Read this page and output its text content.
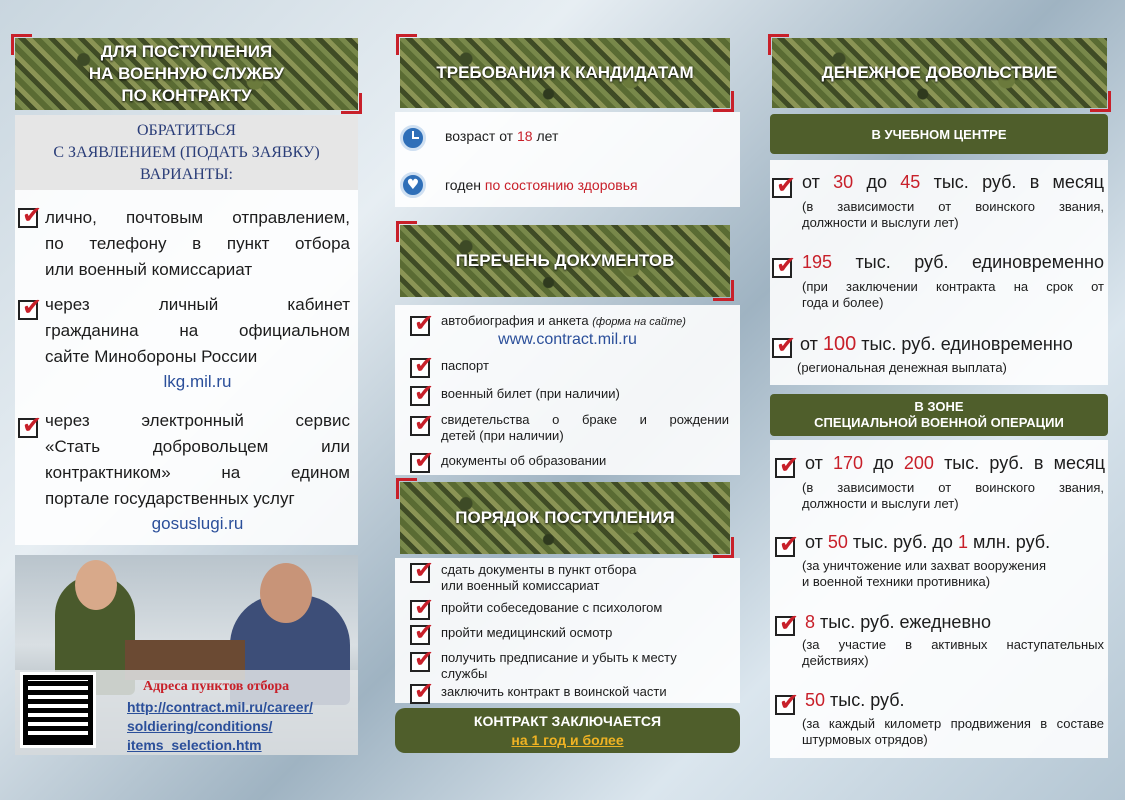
ДЛЯ ПОСТУПЛЕНИЯ
НА ВОЕННУЮ СЛУЖБУ
ПО КОНТРАКТУ
ОБРАТИТЬСЯ
С ЗАЯВЛЕНИЕМ (ПОДАТЬ ЗАЯВКУ)
ВАРИАНТЫ:
✔
лично, почтовым отправлением,
по телефону в пункт отбора
или военный комиссариат
✔
через личный кабинет
гражданина на официальном
сайте Минобороны России
lkg.mil.ru
✔
через электронный сервис
«Стать добровольцем или
контрактником» на едином
портале государственных услуг
gosuslugi.ru
Адреса пунктов отбора
http://contract.mil.ru/career/
soldiering/conditions/
items_selection.htm
ТРЕБОВАНИЯ К КАНДИДАТАМ
возраст от 18 лет
♥	годен по состоянию здоровья
ПЕРЕЧЕНЬ ДОКУМЕНТОВ
✔
автобиография и анкета (форма на сайте)
www.contract.mil.ru
✔
паспорт
✔
военный билет (при наличии)
✔
свидетельства о браке и рождении
детей (при наличии)
✔
документы об образовании
ПОРЯДОК ПОСТУПЛЕНИЯ
✔
сдать документы в пункт отбора
или военный комиссариат
✔
пройти собеседование с психологом
✔
пройти медицинский осмотр
✔
получить предписание и убыть к месту
службы
✔
заключить контракт в воинской части
КОНТРАКТ ЗАКЛЮЧАЕТСЯ
на 1 год и более
ДЕНЕЖНОЕ ДОВОЛЬСТВИЕ
В УЧЕБНОМ ЦЕНТРЕ
✔
от 30 до 45 тыс. руб. в месяц
(в зависимости от воинского звания,
должности и выслуги лет)
✔
195 тыс. руб. единовременно
(при заключении контракта на срок от
года и более)
✔
от 100 тыс. руб. единовременно
(региональная денежная выплата)
В ЗОНЕ
СПЕЦИАЛЬНОЙ ВОЕННОЙ ОПЕРАЦИИ
✔
от 170 до 200 тыс. руб. в месяц
(в зависимости от воинского звания,
должности и выслуги лет)
✔
от 50 тыс. руб. до 1 млн. руб.
(за уничтожение или захват вооружения
и военной техники противника)
✔
8 тыс. руб. ежедневно
(за участие в активных наступательных
действиях)
✔
50 тыс. руб.
(за каждый километр продвижения в составе
штурмовых отрядов)
